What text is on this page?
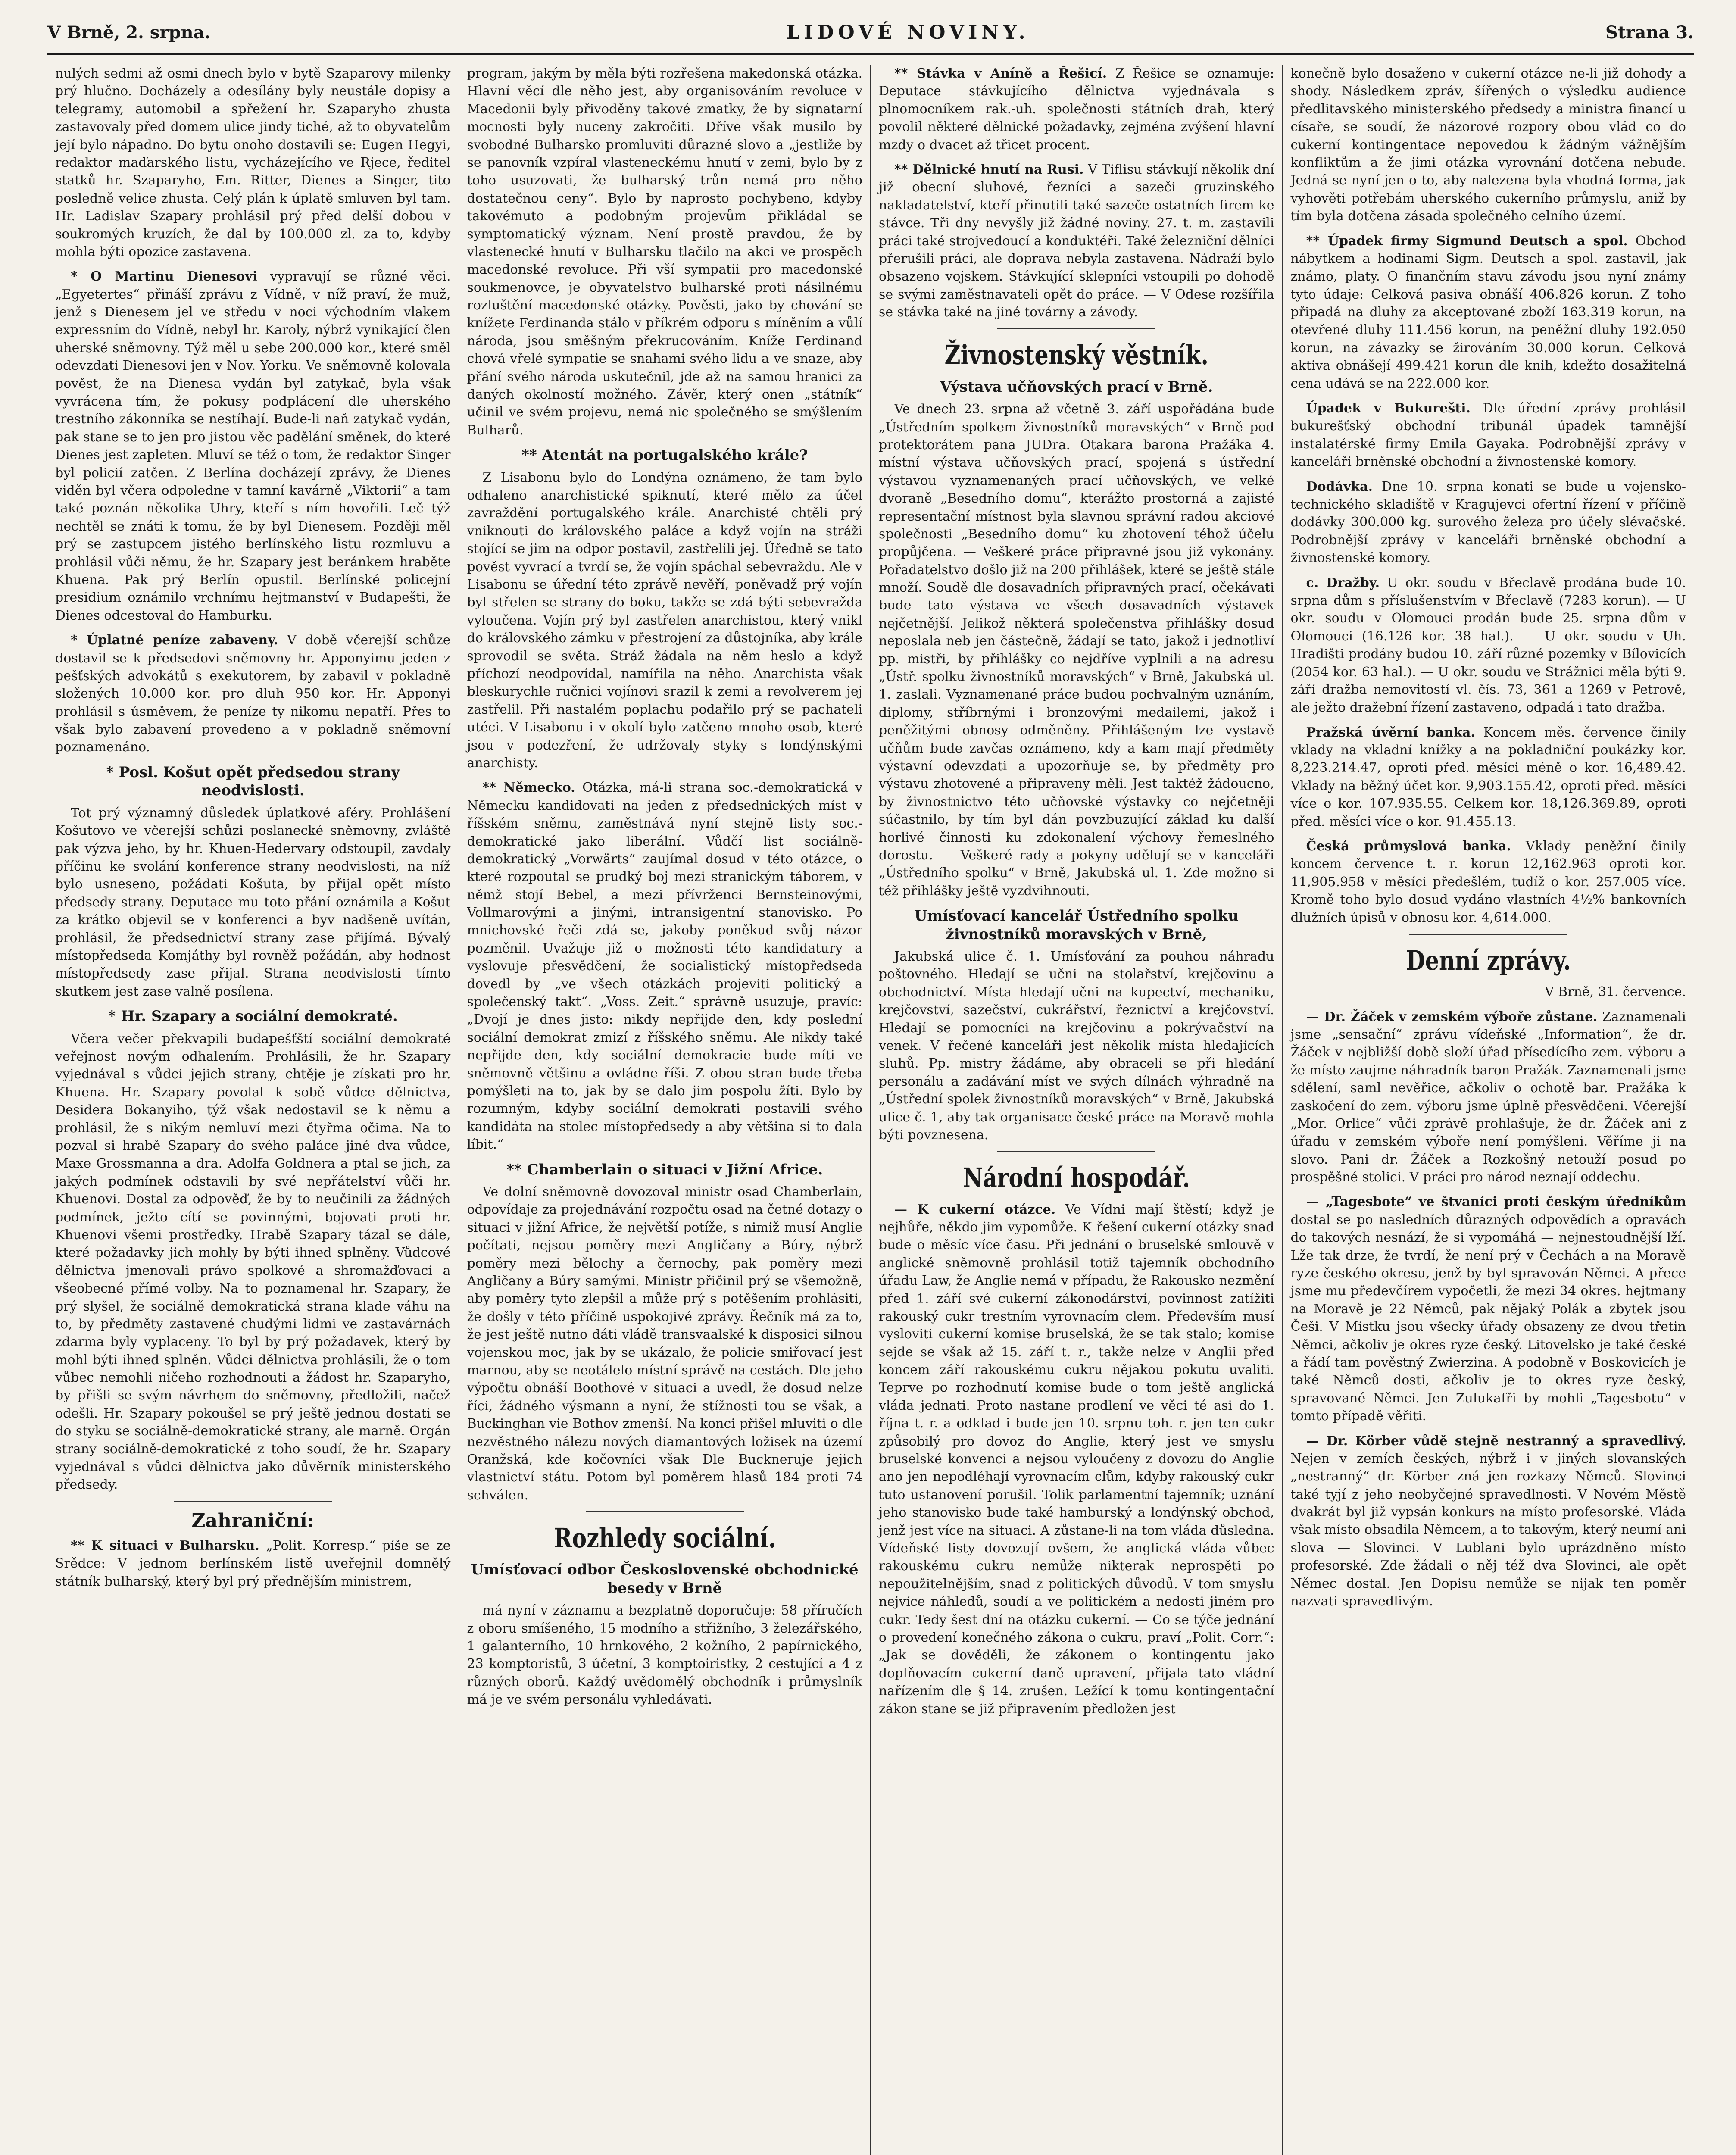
V Brně, 2. srpna.	LIDOVÉ NOVINY.	Strana 3.

nulých sedmi až osmi dnech bylo v bytě Szaparovy milenky prý hlučno. Docházely a odesílány byly neustále dopisy a telegramy, automobil a spřežení hr. Szaparyho zhusta zastavovaly před domem ulice jindy tiché, až to obyvatelům její bylo nápadno. Do bytu onoho dostavili se: Eugen Hegyi, redaktor maďarského listu, vycházejícího ve Rjece, ředitel statků hr. Szaparyho, Em. Ritter, Dienes a Singer, tito posledně velice zhusta. Celý plán k úplatě smluven byl tam. Hr. Ladislav Szapary prohlásil prý před delší dobou v soukromých kruzích, že dal by 100.000 zl. za to, kdyby mohla býti opozice zastavena.

* O Martinu Dienesovi vypravují se různé věci. „Egyetertes“ přináší zprávu z Vídně, v níž praví, že muž, jenž s Dienesem jel ve středu v noci východním vlakem expressním do Vídně, nebyl hr. Karoly, nýbrž vynikající člen uherské sněmovny. Týž měl u sebe 200.000 kor., které směl odevzdati Dienesovi jen v Nov. Yorku. Ve sněmovně kolovala pověst, že na Dienesa vydán byl zatykač, byla však vyvrácena tím, že pokusy podplácení dle uherského trestního zákonníka se nestíhají. Bude-li naň zatykač vydán, pak stane se to jen pro jistou věc padělání směnek, do které Dienes jest zapleten. Mluví se též o tom, že redaktor Singer byl policií zatčen. Z Berlína docházejí zprávy, že Dienes viděn byl včera odpoledne v tamní kavárně „Viktorii“ a tam také poznán několika Uhry, kteří s ním hovořili. Leč týž nechtěl se znáti k tomu, že by byl Dienesem. Později měl prý se zastupcem jistého berlínského listu rozmluvu a prohlásil vůči němu, že hr. Szapary jest beránkem hraběte Khuena. Pak prý Berlín opustil. Berlínské policejní presidium oznámilo vrchnímu hejtmanství v Budapešti, že Dienes odcestoval do Hamburku.

* Úplatné peníze zabaveny. V době včerejší schůze dostavil se k předsedovi sněmovny hr. Apponyimu jeden z pešťských advokátů s exekutorem, by zabavil v pokladně složených 10.000 kor. pro dluh 950 kor. Hr. Apponyi prohlásil s úsměvem, že peníze ty nikomu nepatří. Přes to však bylo zabavení provedeno a v pokladně sněmovní poznamenáno.

* Posl. Košut opět předsedou strany neodvislosti.

Tot prý významný důsledek úplatkové aféry. Prohlášení Košutovo ve včerejší schůzi poslanecké sněmovny, zvláště pak výzva jeho, by hr. Khuen-Hedervary odstoupil, zavdaly příčinu ke svolání konference strany neodvislosti, na níž bylo usneseno, požádati Košuta, by přijal opět místo předsedy strany. Deputace mu toto přání oznámila a Košut za krátko objevil se v konferenci a byv nadšeně uvítán, prohlásil, že předsednictví strany zase přijímá. Bývalý místopředseda Komjáthy byl rovněž požádán, aby hodnost místopředsedy zase přijal. Strana neodvislosti tímto skutkem jest zase valně posílena.

* Hr. Szapary a sociální demokraté.

Včera večer překvapili budapešťští sociální demokraté veřejnost novým odhalením. Prohlásili, že hr. Szapary vyjednával s vůdci jejich strany, chtěje je získati pro hr. Khuena. Hr. Szapary povolal k sobě vůdce dělnictva, Desidera Bokanyiho, týž však nedostavil se k němu a prohlásil, že s nikým nemluví mezi čtyřma očima. Na to pozval si hrabě Szapary do svého paláce jiné dva vůdce, Maxe Grossmanna a dra. Adolfa Goldnera a ptal se jich, za jakých podmínek odstavili by své nepřátelství vůči hr. Khuenovi. Dostal za odpověď, že by to neučinili za žádných podmínek, ježto cítí se povinnými, bojovati proti hr. Khuenovi všemi prostředky. Hrabě Szapary tázal se dále, které požadavky jich mohly by býti ihned splněny. Vůdcové dělnictva jmenovali právo spolkové a shromažďovací a všeobecné přímé volby. Na to poznamenal hr. Szapary, že prý slyšel, že sociálně demokratická strana klade váhu na to, by předměty zastavené chudými lidmi ve zastavárnách zdarma byly vyplaceny. To byl by prý požadavek, který by mohl býti ihned splněn. Vůdci dělnictva prohlásili, že o tom vůbec nemohli ničeho rozhodnouti a žádost hr. Szaparyho, by přišli se svým návrhem do sněmovny, předložili, načež odešli. Hr. Szapary pokoušel se prý ještě jednou dostati se do styku se sociálně-demokratické strany, ale marně. Orgán strany sociálně-demokratické z toho soudí, že hr. Szapary vyjednával s vůdci dělnictva jako důvěrník ministerského předsedy.

Zahraniční:

** K situaci v Bulharsku. „Polit. Korresp.“ píše se ze Srědce: V jednom berlínském listě uveřejnil domnělý státník bulharský, který byl prý přednějším ministrem,

program, jakým by měla býti rozřešena makedonská otázka. Hlavní věcí dle něho jest, aby organisováním revoluce v Macedonii byly přivoděny takové zmatky, že by signatarní mocnosti byly nuceny zakročiti. Dříve však musilo by svobodné Bulharsko promluviti důrazné slovo a „jestliže by se panovník vzpíral vlasteneckému hnutí v zemi, bylo by z toho usuzovati, že bulharský trůn nemá pro něho dostatečnou ceny“. Bylo by naprosto pochybeno, kdyby takovémuto a podobným projevům přikládal se symptomatický význam. Není prostě pravdou, že by vlastenecké hnutí v Bulharsku tlačilo na akci ve prospěch macedonské revoluce. Při vší sympatii pro macedonské soukmenovce, je obyvatelstvo bulharské proti násilnému rozluštění macedonské otázky. Pověsti, jako by chování se knížete Ferdinanda stálo v příkrém odporu s míněním a vůlí národa, jsou směšným překrucováním. Kníže Ferdinand chová vřelé sympatie se snahami svého lidu a ve snaze, aby přání svého národa uskutečnil, jde až na samou hranici za daných okolností možného. Závěr, který onen „státník“ učinil ve svém projevu, nemá nic společného se smýšlením Bulharů.

** Atentát na portugalského krále?

Z Lisabonu bylo do Londýna oznámeno, že tam bylo odhaleno anarchistické spiknutí, které mělo za účel zavraždění portugalského krále. Anarchisté chtěli prý vniknouti do královského paláce a když vojín na stráži stojící se jim na odpor postavil, zastřelili jej. Úředně se tato pověst vyvrací a tvrdí se, že vojín spáchal sebevraždu. Ale v Lisabonu se úřední této zprávě nevěří, poněvadž prý vojín byl střelen se strany do boku, takže se zdá býti sebevražda vyloučena. Vojín prý byl zastřelen anarchistou, který vnikl do královského zámku v přestrojení za důstojníka, aby krále sprovodil se světa. Stráž žádala na něm heslo a když příchozí neodpovídal, namířila na něho. Anarchista však bleskurychle ručnici vojínovi srazil k zemi a revolverem jej zastřelil. Při nastalém poplachu podařilo prý se pachateli utéci. V Lisabonu i v okolí bylo zatčeno mnoho osob, které jsou v podezření, že udržovaly styky s londýnskými anarchisty.

** Německo. Otázka, má-li strana soc.-demokratická v Německu kandidovati na jeden z předsednických míst v říšském sněmu, zaměstnává nyní stejně listy soc.-demokratické jako liberální. Vůdčí list sociálně-demokratický „Vorwärts“ zaujímal dosud v této otázce, o které rozpoutal se prudký boj mezi stranickým táborem, v němž stojí Bebel, a mezi přívrženci Bernsteinovými, Vollmarovými a jinými, intransigentní stanovisko. Po mnichovské řeči zdá se, jakoby poněkud svůj názor pozměnil. Uvažuje již o možnosti této kandidatury a vyslovuje přesvědčení, že socialistický místopředseda dovedl by „ve všech otázkách projeviti politický a společenský takt“. „Voss. Zeit.“ správně usuzuje, pravíc: „Dvojí je dnes jisto: nikdy nepřijde den, kdy poslední sociální demokrat zmizí z říšského sněmu. Ale nikdy také nepřijde den, kdy sociální demokracie bude míti ve sněmovně většinu a ovládne říši. Z obou stran bude třeba pomýšleti na to, jak by se dalo jim pospolu žíti. Bylo by rozumným, kdyby sociální demokrati postavili svého kandidáta na stolec místopředsedy a aby většina si to dala líbit.“

** Chamberlain o situaci v Jižní Africe.

Ve dolní sněmovně dovozoval ministr osad Chamberlain, odpovídaje za projednávání rozpočtu osad na četné dotazy o situaci v jižní Africe, že největší potíže, s nimiž musí Anglie počítati, nejsou poměry mezi Angličany a Búry, nýbrž poměry mezi bělochy a černochy, pak poměry mezi Angličany a Búry samými. Ministr přičinil prý se všemožně, aby poměry tyto zlepšil a může prý s potěšením prohlásiti, že došly v této příčině uspokojivé zprávy. Řečník má za to, že jest ještě nutno dáti vládě transvaalské k disposici silnou vojenskou moc, jak by se ukázalo, že policie smiřovací jest marnou, aby se neotálelo místní správě na cestách. Dle jeho výpočtu obnáší Boothové v situaci a uvedl, že dosud nelze říci, žádného výsmann a nyní, že stížnosti tou se však, a Buckinghan vie Bothov zmenší. Na konci přišel mluviti o dle nezvěstného nálezu nových diamantových ložisek na území Oranžská, kde kočovníci však Dle Buckneruje jejich vlastnictví státu. Potom byl poměrem hlasů 184 proti 74 schválen.

Rozhledy sociální.
Umísťovací odbor Československé obchodnické besedy v Brně

má nyní v záznamu a bezplatně doporučuje: 58 příručích z oboru smíšeného, 15 modního a střižního, 3 železářského, 1 galanterního, 10 hrnkového, 2 kožního, 2 papírnického, 23 komptoristů, 3 účetní, 3 komptoiristky, 2 cestující a 4 z různých oborů. Každý uvědomělý obchodník i průmyslník má je ve svém personálu vyhledávati.

** Stávka v Aníně a Řešicí. Z Řešice se oznamuje: Deputace stávkujícího dělnictva vyjednávala s plnomocníkem rak.-uh. společnosti státních drah, který povolil některé dělnické požadavky, zejména zvýšení hlavní mzdy o dvacet až třicet procent.

** Dělnické hnutí na Rusi. V Tiflisu stávkují několik dní již obecní sluhové, řezníci a sazeči gruzinského nakladatelství, kteří přinutili také sazeče ostatních firem ke stávce. Tři dny nevyšly již žádné noviny. 27. t. m. zastavili práci také strojvedoucí a konduktéři. Také železniční dělníci přerušili práci, ale doprava nebyla zastavena. Nádraží bylo obsazeno vojskem. Stávkující sklepníci vstoupili po dohodě se svými zaměstnavateli opět do práce. — V Odese rozšířila se stávka také na jiné továrny a závody.

Živnostenský věstník.
Výstava učňovských prací v Brně.

Ve dnech 23. srpna až včetně 3. září uspořádána bude „Ústředním spolkem živnostníků moravských“ v Brně pod protektorátem pana JUDra. Otakara barona Pražáka 4. místní výstava učňovských prací, spojená s ústřední výstavou vyznamenaných prací učňovských, ve velké dvoraně „Besedního domu“, kterážto prostorná a zajisté representační místnost byla slavnou správní radou akciové společnosti „Besedního domu“ ku zhotovení téhož účelu propůjčena. — Veškeré práce připravné jsou již vykonány. Pořadatelstvo došlo již na 200 přihlášek, které se ještě stále množí. Soudě dle dosavadních připravných prací, očekávati bude tato výstava ve všech dosavadních výstavek nejčetnější. Jelikož některá společenstva přihlášky dosud neposlala neb jen částečně, žádají se tato, jakož i jednotliví pp. mistři, by přihlášky co nejdříve vyplnili a na adresu „Ústř. spolku živnostníků moravských“ v Brně, Jakubská ul. 1. zaslali. Vyznamenané práce budou pochvalným uznáním, diplomy, stříbrnými i bronzovými medailemi, jakož i peněžitými obnosy odměněny. Přihlášeným lze vystavě učňům bude zavčas oznámeno, kdy a kam mají předměty výstavní odevzdati a upozorňuje se, by předměty pro výstavu zhotovené a připraveny měli. Jest taktéž žádoucno, by živnostnictvo této učňovské výstavky co nejčetněji súčastnilo, by tím byl dán povzbuzující základ ku další horlivé činnosti ku zdokonalení výchovy řemeslného dorostu. — Veškeré rady a pokyny udělují se v kanceláři „Ústředního spolku“ v Brně, Jakubská ul. 1. Zde možno si též přihlášky ještě vyzdvihnouti.

Umísťovací kancelář Ústředního spolku živnostníků moravských v Brně,

Jakubská ulice č. 1. Umísťování za pouhou náhradu poštovného. Hledají se učni na stolařství, krejčovinu a obchodnictví. Místa hledají učni na kupectví, mechaniku, krejčovství, sazečství, cukrářství, řeznictví a krejčovství. Hledají se pomocníci na krejčovinu a pokrývačství na venek. V řečené kanceláři jest několik místa hledajících sluhů. Pp. mistry žádáme, aby obraceli se při hledání personálu a zadávání míst ve svých dílnách výhradně na „Ústřední spolek živnostníků moravských“ v Brně, Jakubská ulice č. 1, aby tak organisace české práce na Moravě mohla býti povznesena.

Národní hospodář.

— K cukerní otázce. Ve Vídni mají štěstí; když je nejhůře, někdo jim vypomůže. K řešení cukerní otázky snad bude o měsíc více času. Při jednání o bruselské smlouvě v anglické sněmovně prohlásil totiž tajemník obchodního úřadu Law, že Anglie nemá v případu, že Rakousko nezmění před 1. září své cukerní zákonodárství, povinnost zatížiti rakouský cukr trestním vyrovnacím clem. Především musí vysloviti cukerní komise bruselská, že se tak stalo; komise sejde se však až 15. září t. r., takže nelze v Anglii před koncem září rakouskému cukru nějakou pokutu uvaliti. Teprve po rozhodnutí komise bude o tom ještě anglická vláda jednati. Proto nastane prodlení ve věci té asi do 1. října t. r. a odklad i bude jen 10. srpnu toh. r. jen ten cukr způsobilý pro dovoz do Anglie, který jest ve smyslu bruselské konvenci a nejsou vyloučeny z dovozu do Anglie ano jen nepodléhají vyrovnacím clům, kdyby rakouský cukr tuto ustanovení porušil. Tolik parlamentní tajemník; uznání jeho stanovisko bude také hamburský a londýnský obchod, jenž jest více na situaci. A zůstane-li na tom vláda důsledna. Vídeňské listy dovozují ovšem, že anglická vláda vůbec rakouskému cukru nemůže nikterak neprospěti po nepoužitelnějším, snad z politických důvodů. V tom smyslu nejvíce náhledů, soudí a ve politickém a nedosti jiném pro cukr. Tedy šest dní na otázku cukerní. — Co se týče jednání o provedení konečného zákona o cukru, praví „Polit. Corr.“: „Jak se dověděli, že zákonem o kontingentu jako doplňovacím cukerní daně upravení, přijala tato vládní nařízením dle § 14. zrušen. Ležící k tomu kontingentační zákon stane se již připravením předložen jest

konečně bylo dosaženo v cukerní otázce ne-li již dohody a shody. Následkem zpráv, šířených o výsledku audience předlitavského ministerského předsedy a ministra financí u císaře, se soudí, že názorové rozpory obou vlád co do cukerní kontingentace nepovedou k žádným vážnějším konfliktům a že jimi otázka vyrovnání dotčena nebude. Jedná se nyní jen o to, aby nalezena byla vhodná forma, jak vyhověti potřebám uherského cukerního průmyslu, aniž by tím byla dotčena zásada společného celního území.

** Úpadek firmy Sigmund Deutsch a spol. Obchod nábytkem a hodinami Sigm. Deutsch a spol. zastavil, jak známo, platy. O finančním stavu závodu jsou nyní známy tyto údaje: Celková pasiva obnáší 406.826 korun. Z toho připadá na dluhy za akceptované zboží 163.319 korun, na otevřené dluhy 111.456 korun, na peněžní dluhy 192.050 korun, na závazky se žirováním 30.000 korun. Celková aktiva obnášejí 499.421 korun dle knih, kdežto dosažitelná cena udává se na 222.000 kor.

Úpadek v Bukurešti. Dle úřední zprávy prohlásil bukurešťský obchodní tribunál úpadek tamnější instalatérské firmy Emila Gayaka. Podrobnější zprávy v kanceláři brněnské obchodní a živnostenské komory.

Dodávka. Dne 10. srpna konati se bude u vojensko-technického skladiště v Kragujevci ofertní řízení v příčině dodávky 300.000 kg. surového železa pro účely slévačské. Podrobnější zprávy v kanceláři brněnské obchodní a živnostenské komory.

c. Dražby. U okr. soudu v Břeclavě prodána bude 10. srpna dům s příslušenstvím v Břeclavě (7283 korun). — U okr. soudu v Olomouci prodán bude 25. srpna dům v Olomouci (16.126 kor. 38 hal.). — U okr. soudu v Uh. Hradišti prodány budou 10. září různé pozemky v Bílovicích (2054 kor. 63 hal.). — U okr. soudu ve Strážnici měla býti 9. září dražba nemovitostí vl. čís. 73, 361 a 1269 v Petrově, ale ježto dražební řízení zastaveno, odpadá i tato dražba.

Pražská úvěrní banka. Koncem měs. července činily vklady na vkladní knížky a na pokladniční poukázky kor. 8,223.214.47, oproti před. měsíci méně o kor. 16,489.42. Vklady na běžný účet kor. 9,903.155.42, oproti před. měsíci více o kor. 107.935.55. Celkem kor. 18,126.369.89, oproti před. měsíci více o kor. 91.455.13.

Česká průmyslová banka. Vklady peněžní činily koncem července t. r. korun 12,162.963 oproti kor. 11,905.958 v měsíci předešlém, tudíž o kor. 257.005 více. Kromě toho bylo dosud vydáno vlastních 4½% bankovních dlužních úpisů v obnosu kor. 4,614.000.

Denní zprávy.

V Brně, 31. července.

— Dr. Žáček v zemském výboře zůstane. Zaznamenali jsme „sensační“ zprávu vídeňské „Information“, že dr. Žáček v nejbližší době složí úřad přísedícího zem. výboru a že místo zaujme náhradník baron Pražák. Zaznamenali jsme sdělení, saml nevěřice, ačkoliv o ochotě bar. Pražáka k zaskočení do zem. výboru jsme úplně přesvědčeni. Včerejší „Mor. Orlice“ vůči zprávě prohlašuje, že dr. Žáček ani z úřadu v zemském výboře není pomýšleni. Věříme ji na slovo. Pani dr. Žáček a Rozkošný netouží posud po prospěšné stolici. V práci pro národ neznají oddechu.

— „Tagesbote“ ve štvaníci proti českým úředníkům dostal se po nasledních důrazných odpovědích a opravách do takových nesnází, že si vypomáhá — nejnestoudnější lží. Lže tak drze, že tvrdí, že není prý v Čechách a na Moravě ryze českého okresu, jenž by byl spravován Němci. A přece jsme mu předevčírem vypočetli, že mezi 34 okres. hejtmany na Moravě je 22 Němců, pak nějaký Polák a zbytek jsou Češi. V Místku jsou všecky úřady obsazeny ze dvou třetin Němci, ačkoliv je okres ryze český. Litovelsko je také české a řádí tam pověstný Zwierzina. A podobně v Boskovicích je také Němců dosti, ačkoliv je to okres ryze český, spravované Němci. Jen Zulukafři by mohli „Tagesbotu“ v tomto případě věřiti.

— Dr. Körber vůdě stejně nestranný a spravedlivý. Nejen v zemích českých, nýbrž i v jiných slovanských „nestranný“ dr. Körber zná jen rozkazy Němců. Slovinci také tyjí z jeho neobyčejné spravedlnosti. V Novém Městě dvakrát byl již vypsán konkurs na místo profesorské. Vláda však místo obsadila Němcem, a to takovým, který neumí ani slova — Slovinci. V Lublani bylo uprázdněno místo profesorské. Zde žádali o něj též dva Slovinci, ale opět Němec dostal. Jen Dopisu nemůže se nijak ten poměr nazvati spravedlivým.
